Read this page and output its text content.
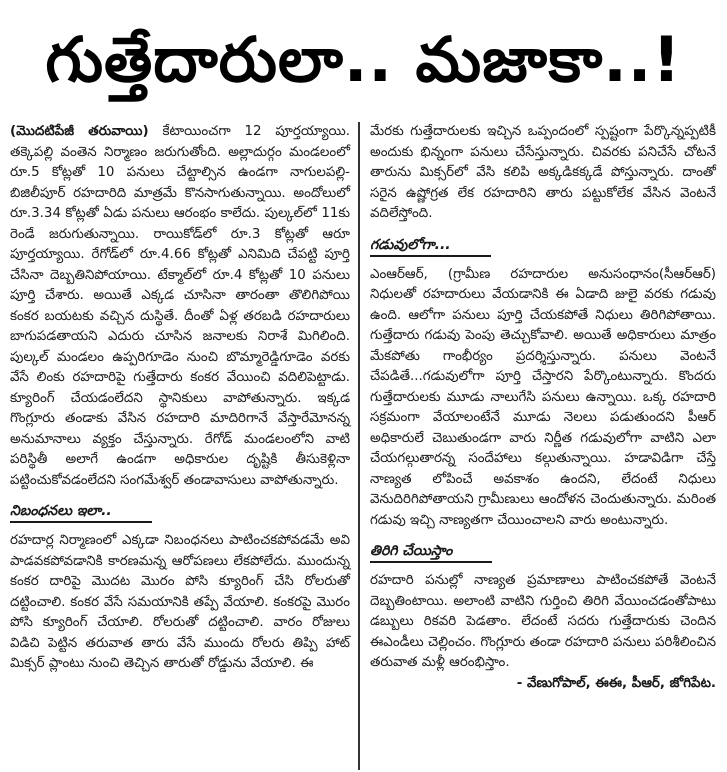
గుత్తేదారులా.. మజాకా..!
(మొదటిపేజీ తరువాయి) కేటాయించగా 12 పూర్తయ్యాయి. తక్కెపల్లి వంతెన నిర్మాణం జరుగుతోంది. అల్లాదుర్గం మండలంలో రూ.5 కోట్లతో 10 పనులు చేట్టాల్సిన ఉండగా నాగులపల్లి-బిజిలీపూర్ రహదారిది మాత్రమే కొనసాగుతున్నాయి. అందోలులో రూ.3.34 కోట్లతో ఏడు పనులు ఆరంభం కాలేదు. పుల్కల్‌లో 11కు రెండే జరుగుతున్నాయి. రాయికోడ్‌లో రూ.3 కోట్లతో ఆరూ పూర్తయ్యాయి. రేగోడ్‌లో రూ.4.66 కోట్లతో ఎనిమిది చేపట్టి పూర్తి చేసినా దెబ్బతినిపోయాయి. టేక్మాల్‌లో రూ.4 కోట్లతో 10 పనులు పూర్తి చేశారు. అయితే ఎక్కడ చూసినా తారంతా తొలిగిపోయి కంకర బయటకు వచ్చిన దుస్థితే. దీంతో ఏళ్ల తరబడి రహదారులు బాగుపడతాయని ఎదురు చూసిన జనాలకు నిరాశే మిగిలింది. పుల్కల్ మండలం ఉప్పరిగూడెం నుంచి బొమ్మారెడ్డిగూడెం వరకు వేసే లింకు రహదారిపై గుత్తేదారు కంకర వేయించి వదిలిపెట్టాడు. క్యూరింగ్ చేయడంలేదని స్థానికులు వాపోతున్నారు. ఇక్కడ గొంగ్లూరు తండాకు వేసిన రహదారి మాదిరిగానే వేస్తారేమోనన్న అనుమానాలు వ్యక్తం చేస్తున్నారు. రేగోడ్ మండలంలోని వాటి పరిస్థితీ అలాగే ఉండగా అధికారుల దృష్టికి తీసుకెళ్లినా పట్టించుకోవడంలేదని సంగమేశ్వర్ తండావాసులు వాపోతున్నారు.
నిబంధనలు ఇలా..
రహదార్ల నిర్మాణంలో ఎక్కడా నిబంధనలు పాటించకపోవడమే అవి పాడవకపోవడానికి కారణమన్న ఆరోపణలు లేకపోలేదు. ముందున్న కంకర దారిపై మొదట మొరం పోసి క్యూరింగ్ చేసి రోలరుతో దట్టించాలి. కంకర వేసే సమయానికి తప్పే వేయాలి. కంకరపై మొరం పోసి క్యూరింగ్ చేయాలి. రోలరుతో దట్టించాలి. వారం రోజులు విడిచి పెట్టిన తరువాత తారు వేసే ముందు రోలరు తిప్పి హాట్ మిక్సర్ ప్లాంటు నుంచి తెచ్చిన తారుతో రోడ్డును వేయాలి. ఈ
మేరకు గుత్తేదారులకు ఇచ్చిన ఒప్పందంలో స్పష్టంగా పేర్కొన్నప్పటికీ అందుకు భిన్నంగా పనులు చేసేస్తున్నారు. చివరకు పనిచేసే చోటనే తారును మిక్సర్‌లో వేసి కలిపి అక్కడికక్కడే పోస్తున్నారు. దాంతో సరైన ఉష్ణోగ్రత లేక రహదారిని తారు పట్టుకోలేక వేసిన వెంటనే వదిలేస్తోంది.
గడువులోగా...
ఎంఆర్‌ఆర్, (గ్రామీణ రహదారుల అనుసంధానం(సీఆర్‌ఆర్) నిధులతో రహదారులు వేయడానికి ఈ ఏడాది జులై వరకు గడువు ఉంది. ఆలోగా పనులు పూర్తి చేయకపోతే నిధులు తిరిగిపోతాయి. గుత్తేదారు గడువు పెంపు తెచ్చుకోవాలి. అయితే అధికారులు మాత్రం మేకపోతు గాంభీర్యం ప్రదర్శిస్తున్నారు. పనులు వెంటనే చేపడితే...గడువులోగా పూర్తి చేస్తారని పేర్కొంటున్నారు. కొందరు గుత్తేదారులకు మూడు నాలుగేసి పనులు ఉన్నాయి. ఒక్క రహదారి సక్రమంగా వేయాలంటేనే మూడు నెలలు పడుతుందని పీఆర్ అధికారులే చెబుతుండగా వారు నిర్ణీత గడువులోగా వాటిని ఎలా చేయగల్గుతారన్న సందేహాలు కల్గుతున్నాయి. హడావిడిగా చేస్తే నాణ్యత లోపించే అవకాశం ఉందని, లేదంటే నిధులు వెనుదిరిగిపోతాయని గ్రామీణులు ఆందోళన చెందుతున్నారు. మరింత గడువు ఇచ్చి నాణ్యతగా చేయించాలని వారు అంటున్నారు.
తిరిగి చేయిస్తాం
రహదారి పనుల్లో నాణ్యత ప్రమాణాలు పాటించకపోతే వెంటనే దెబ్బతింటాయి. అలాంటి వాటిని గుర్తించి తిరిగి వేయించడంతోపాటు డబ్బులు రికవరి పెడతాం. లేదంటే సదరు గుత్తేదారుకు చెందిన ఈఎండీలు చెల్లించం. గొంగ్లూరు తండా రహదారి పనులు పరిశీలించిన తరువాత మళ్లీ ఆరంభిస్తాం.
- వేణుగోపాల్, ఈఈ, పీఆర్, జోగిపేట.
